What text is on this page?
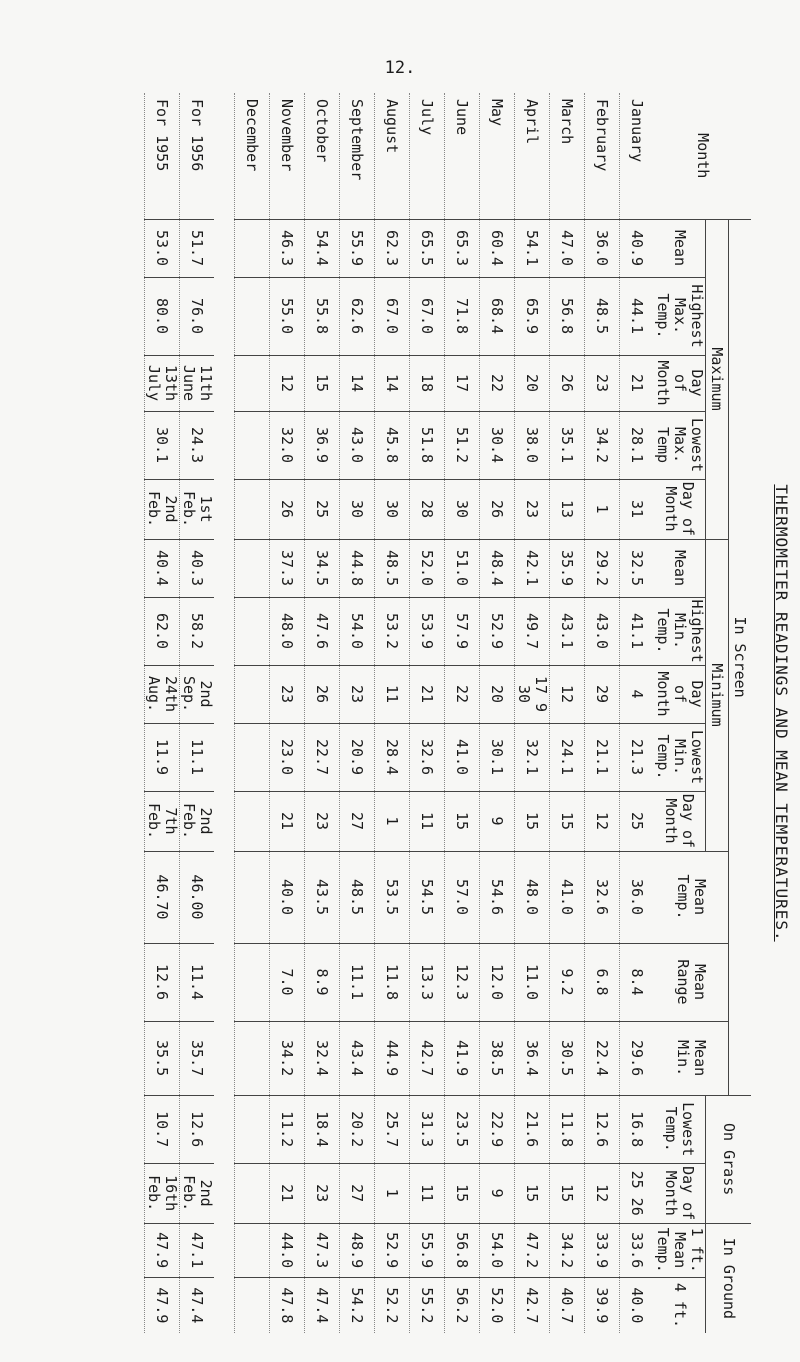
12.
THERMOMETER READINGS AND MEAN TEMPERATURES.
Month	In Screen													On Grass		In Ground	
	Maximum					Minimum					Mean Temp.	Mean Range	Mean Min.				
	Mean	Highest Max. Temp.	Day of Month	Lowest Max. Temp	Day of Month	Mean	Highest Min. Temp.	Day of Month	Lowest Min. Temp.	Day of Month				Lowest Temp.	Day of Month	1 ft.
Mean Temp.	4 ft.
January	40.9	44.1	21	28.1	31	32.5	41.1	4	21.3	25	36.0	8.4	29.6	16.8	25 26	33.6	40.0
February	36.0	48.5	23	34.2	1	29.2	43.0	29	21.1	12	32.6	6.8	22.4	12.6	12	33.9	39.9
March	47.0	56.8	26	35.1	13	35.9	43.1	12	24.1	15	41.0	9.2	30.5	11.8	15	34.2	40.7
April	54.1	65.9	20	38.0	23	42.1	49.7	17 9 30	32.1	15	48.0	11.0	36.4	21.6	15	47.2	42.7
May	60.4	68.4	22	30.4	26	48.4	52.9	20	30.1	9	54.6	12.0	38.5	22.9	9	54.0	52.0
June	65.3	71.8	17	51.2	30	51.0	57.9	22	41.0	15	57.0	12.3	41.9	23.5	15	56.8	56.2
July	65.5	67.0	18	51.8	28	52.0	53.9	21	32.6	11	54.5	13.3	42.7	31.3	11	55.9	55.2
August	62.3	67.0	14	45.8	30	48.5	53.2	11	28.4	1	53.5	11.8	44.9	25.7	1	52.9	52.2
September	55.9	62.6	14	43.0	30	44.8	54.0	23	20.9	27	48.5	11.1	43.4	20.2	27	48.9	54.2
October	54.4	55.8	15	36.9	25	34.5	47.6	26	22.7	23	43.5	8.9	32.4	18.4	23	47.3	47.4
November	46.3	55.0	12	32.0	26	37.3	48.0	23	23.0	21	40.0	7.0	34.2	11.2	21	44.0	47.8
December																	

For 1956	51.7	76.0	11th June	24.3	1st Feb.	40.3	58.2	2nd Sep.	11.1	2nd Feb.	46.00	11.4	35.7	12.6	2nd Feb.	47.1	47.4
For 1955	53.0	80.0	13th July	30.1	2nd Feb.	40.4	62.0	24th Aug.	11.9	7th Feb.	46.70	12.6	35.5	10.7	16th Feb.	47.9	47.9
